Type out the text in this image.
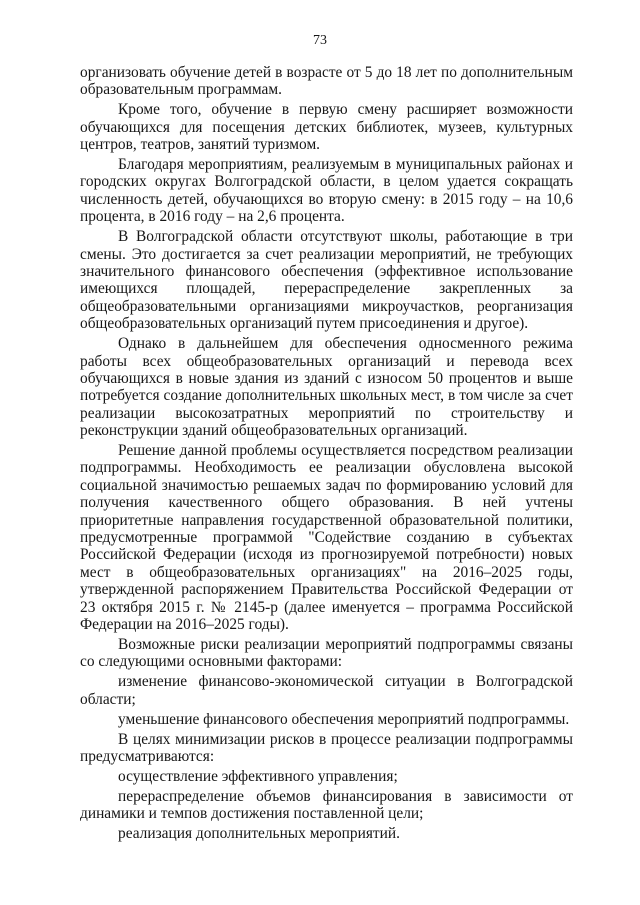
73

организовать обучение детей в возрасте от 5 до 18 лет по дополнительным образовательным программам.

Кроме того, обучение в первую смену расширяет возможности обучающихся для посещения детских библиотек, музеев, культурных центров, театров, занятий туризмом.

Благодаря мероприятиям, реализуемым в муниципальных районах и городских округах Волгоградской области, в целом удается сокращать численность детей, обучающихся во вторую смену: в 2015 году – на 10,6 процента, в 2016 году – на 2,6 процента.

В Волгоградской области отсутствуют школы, работающие в три смены. Это достигается за счет реализации мероприятий, не требующих значительного финансового обеспечения (эффективное использование имеющихся площадей, перераспределение закрепленных за общеобразовательными организациями микроучастков, реорганизация общеобразовательных организаций путем присоединения и другое).

Однако в дальнейшем для обеспечения односменного режима работы всех общеобразовательных организаций и перевода всех обучающихся в новые здания из зданий с износом 50 процентов и выше потребуется создание дополнительных школьных мест, в том числе за счет реализации высокозатратных мероприятий по строительству и реконструкции зданий общеобразовательных организаций.

Решение данной проблемы осуществляется посредством реализации подпрограммы. Необходимость ее реализации обусловлена высокой социальной значимостью решаемых задач по формированию условий для получения качественного общего образования. В ней учтены приоритетные направления государственной образовательной политики, предусмотренные программой "Содействие созданию в субъектах Российской Федерации (исходя из прогнозируемой потребности) новых мест в общеобразовательных организациях" на 2016–2025 годы, утвержденной распоряжением Правительства Российской Федерации от 23 октября 2015 г. № 2145-р (далее именуется – программа Российской Федерации на 2016–2025 годы).

Возможные риски реализации мероприятий подпрограммы связаны со следующими основными факторами:

изменение финансово-экономической ситуации в Волгоградской области;

уменьшение финансового обеспечения мероприятий подпрограммы.

В целях минимизации рисков в процессе реализации подпрограммы предусматриваются:

осуществление эффективного управления;

перераспределение объемов финансирования в зависимости от динамики и темпов достижения поставленной цели;

реализация дополнительных мероприятий.
